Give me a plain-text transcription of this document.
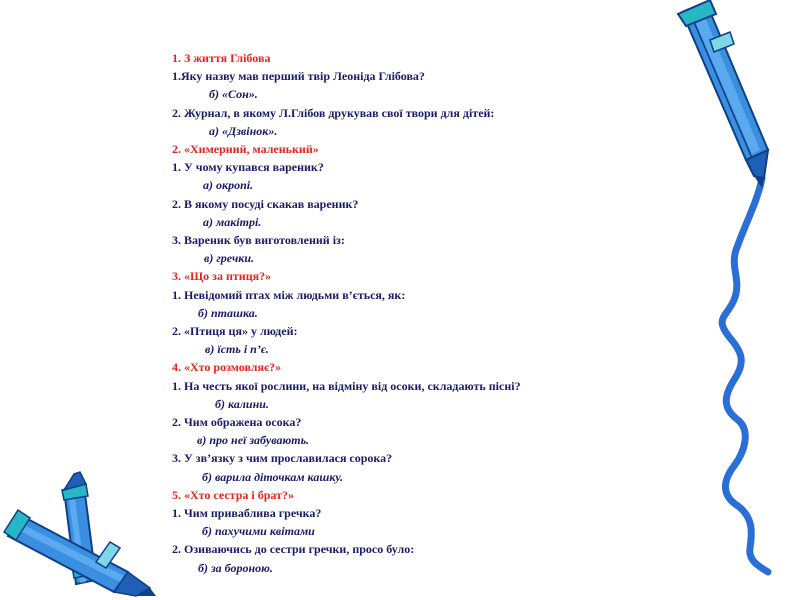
1. З життя Глібова
1.Яку назву мав перший твір Леоніда Глібова?
б) «Сон».
2. Журнал, в якому Л.Глібов друкував свої твори для дітей:
а) «Дзвінок».
2. «Химерний, маленький»
1. У чому купався вареник?
а) окропі.
2. В якому посуді скакав вареник?
а) макітрі.
3. Вареник був виготовлений із:
в) гречки.
3. «Що за птиця?»
1. Невідомий птах між людьми в’ється, як:
б) пташка.
2. «Птиця ця» у людей:
в) їсть і п’є.
4. «Хто розмовляє?»
1. На честь якої рослини, на відміну від осоки, складають пісні?
б) калини.
2. Чим ображена осока?
в) про неї забувають.
3. У зв’язку з чим прославилася сорока?
б) варила діточкам кашку.
5. «Хто сестра і брат?»
1. Чим приваблива гречка?
б) пахучими квітами
2. Озиваючись до сестри гречки, просо було:
б) за бороною.
